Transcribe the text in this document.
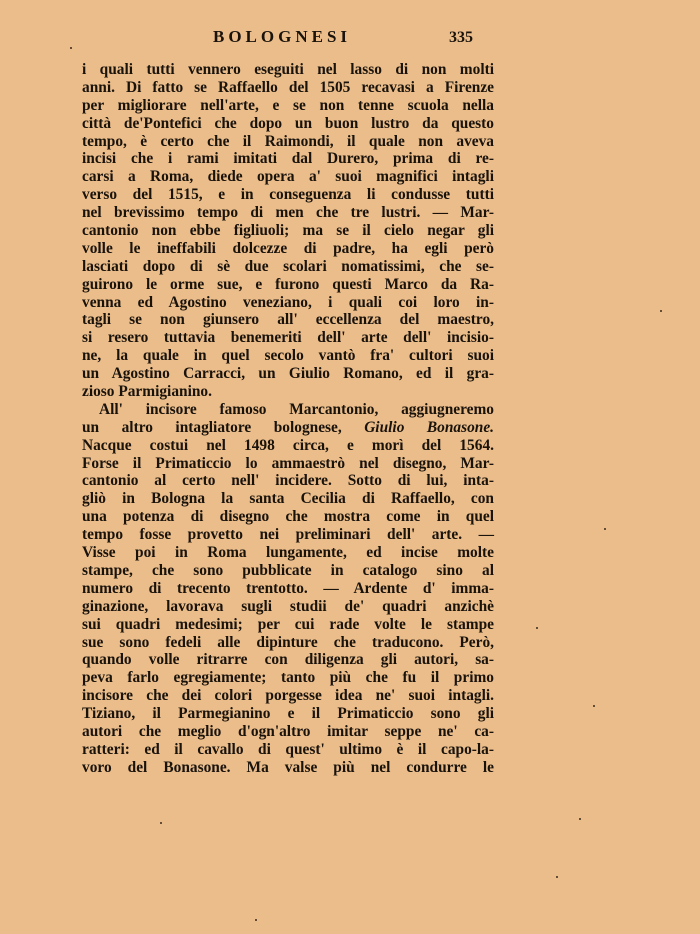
BOLOGNESI	335
i quali tutti vennero eseguiti nel lasso di non molti
anni. Di fatto se Raffaello del 1505 recavasi a Firenze
per migliorare nell'arte, e se non tenne scuola nella
città de'Pontefici che dopo un buon lustro da questo
tempo, è certo che il Raimondi, il quale non aveva
incisi che i rami imitati dal Durero, prima di re-
carsi a Roma, diede opera a' suoi magnifici intagli
verso del 1515, e in conseguenza li condusse tutti
nel brevissimo tempo di men che tre lustri. — Mar-
cantonio non ebbe figliuoli; ma se il cielo negar gli
volle le ineffabili dolcezze di padre, ha egli però
lasciati dopo di sè due scolari nomatissimi, che se-
guirono le orme sue, e furono questi Marco da Ra-
venna ed Agostino veneziano, i quali coi loro in-
tagli se non giunsero all' eccellenza del maestro,
si resero tuttavia benemeriti dell' arte dell' incisio-
ne, la quale in quel secolo vantò fra' cultori suoi
un Agostino Carracci, un Giulio Romano, ed il gra-
zioso Parmigianino.
All' incisore famoso Marcantonio, aggiugneremo
un altro intagliatore bolognese, Giulio Bonasone.
Nacque costui nel 1498 circa, e morì del 1564.
Forse il Primaticcio lo ammaestrò nel disegno, Mar-
cantonio al certo nell' incidere. Sotto di lui, inta-
gliò in Bologna la santa Cecilia di Raffaello, con
una potenza di disegno che mostra come in quel
tempo fosse provetto nei preliminari dell' arte. —
Visse poi in Roma lungamente, ed incise molte
stampe, che sono pubblicate in catalogo sino al
numero di trecento trentotto. — Ardente d' imma-
ginazione, lavorava sugli studii de' quadri anzichè
sui quadri medesimi; per cui rade volte le stampe
sue sono fedeli alle dipinture che traducono. Però,
quando volle ritrarre con diligenza gli autori, sa-
peva farlo egregiamente; tanto più che fu il primo
incisore che dei colori porgesse idea ne' suoi intagli.
Tiziano, il Parmegianino e il Primaticcio sono gli
autori che meglio d'ogn'altro imitar seppe ne' ca-
ratteri: ed il cavallo di quest' ultimo è il capo-la-
voro del Bonasone. Ma valse più nel condurre le
